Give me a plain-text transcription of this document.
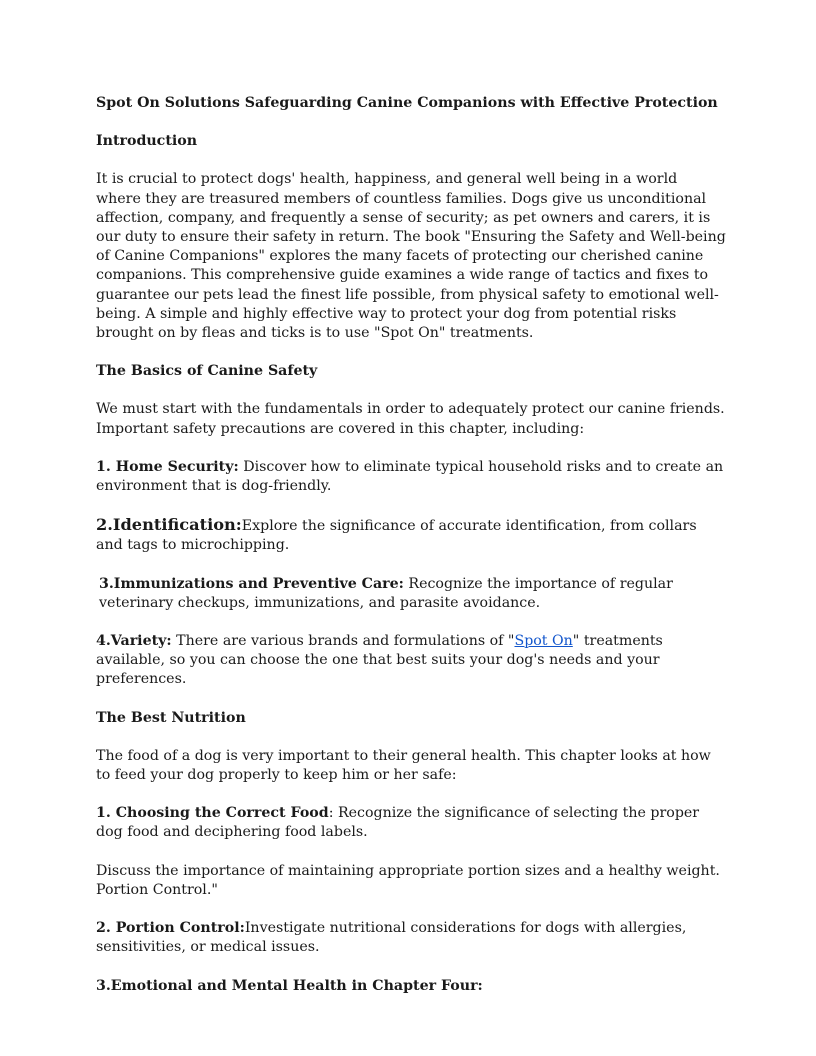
Spot On Solutions Safeguarding Canine Companions with Effective Protection

Introduction

It is crucial to protect dogs' health, happiness, and general well being in a world where they are treasured members of countless families. Dogs give us unconditional affection, company, and frequently a sense of security; as pet owners and carers, it is our duty to ensure their safety in return. The book "Ensuring the Safety and Well-being of Canine Companions" explores the many facets of protecting our cherished canine companions. This comprehensive guide examines a wide range of tactics and fixes to guarantee our pets lead the finest life possible, from physical safety to emotional well-being. A simple and highly effective way to protect your dog from potential risks brought on by fleas and ticks is to use "Spot On" treatments.

The Basics of Canine Safety

We must start with the fundamentals in order to adequately protect our canine friends. Important safety precautions are covered in this chapter, including:

1. Home Security: Discover how to eliminate typical household risks and to create an environment that is dog-friendly.

2.Identification:Explore the significance of accurate identification, from collars and tags to microchipping.

3.Immunizations and Preventive Care: Recognize the importance of regular veterinary checkups, immunizations, and parasite avoidance.

4.Variety: There are various brands and formulations of "Spot On" treatments available, so you can choose the one that best suits your dog's needs and your preferences.

The Best Nutrition

The food of a dog is very important to their general health. This chapter looks at how to feed your dog properly to keep him or her safe:

1. Choosing the Correct Food: Recognize the significance of selecting the proper dog food and deciphering food labels.

Discuss the importance of maintaining appropriate portion sizes and a healthy weight. Portion Control."

2. Portion Control:Investigate nutritional considerations for dogs with allergies, sensitivities, or medical issues.

3.Emotional and Mental Health in Chapter Four:
